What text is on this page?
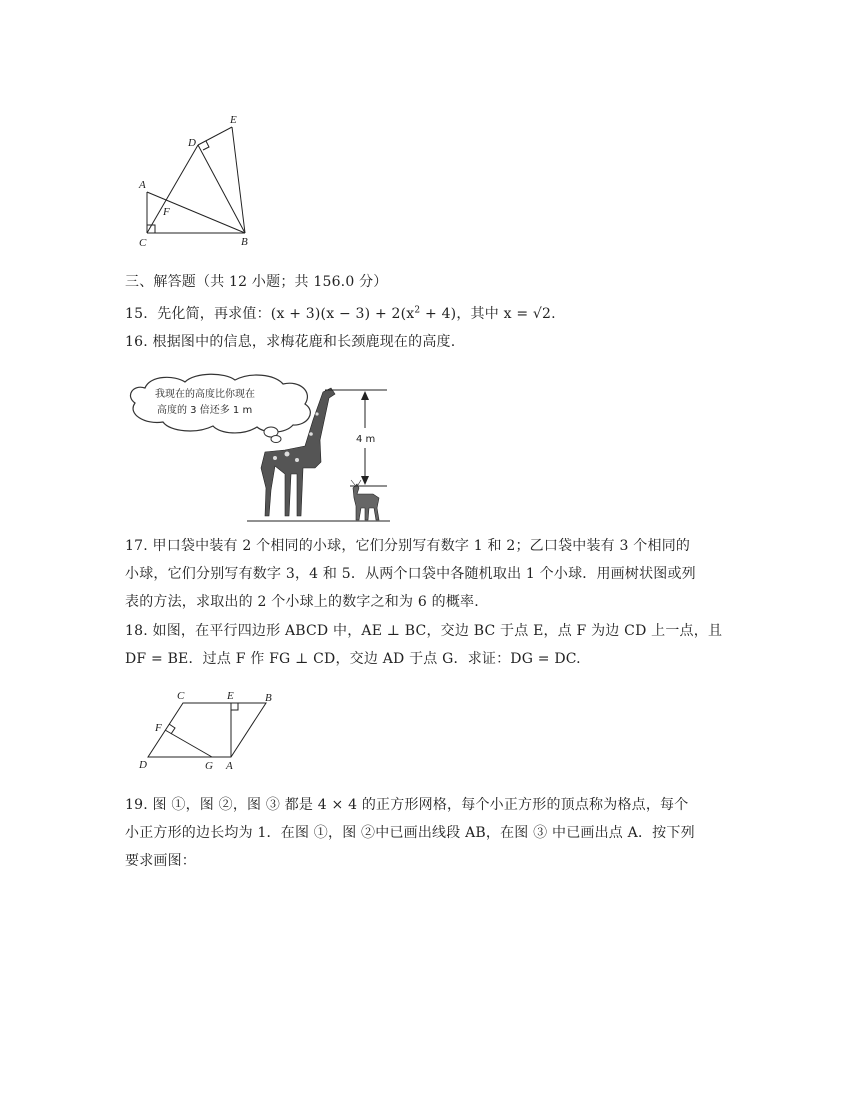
A
B
C
D
E
F
三、解答题（共 12 小题；共 156.0 分）
15. 先化简，再求值：$(x + 3)(x - 3) + 2(x^2 + 4)$，其中 x = √2.
16. 根据图中的信息，求梅花鹿和长颈鹿现在的高度.
我现在的高度比你现在
高度的 3 倍还多 1 m
4 m
17. 甲口袋中装有 2 个相同的小球，它们分别写有数字 1 和 2；乙口袋中装有 3 个相同的
小球，它们分别写有数字 3，4 和 5．从两个口袋中各随机取出 1 个小球．用画树状图或列
表的方法，求取出的 2 个小球上的数字之和为 6 的概率.
18. 如图，在平行四边形 ABCD 中，AE ⊥ BC，交边 BC 于点 E，点 F 为边 CD 上一点，且
DF = BE．过点 F 作 FG ⊥ CD，交边 AD 于点 G．求证：DG = DC.
C	E	B
F
D	G A
19. 图 ①，图 ②，图 ③ 都是 4 × 4 的正方形网格，每个小正方形的顶点称为格点，每个
小正方形的边长均为 1．在图 ①，图 ②中已画出线段 AB，在图 ③ 中已画出点 A．按下列
要求画图：
